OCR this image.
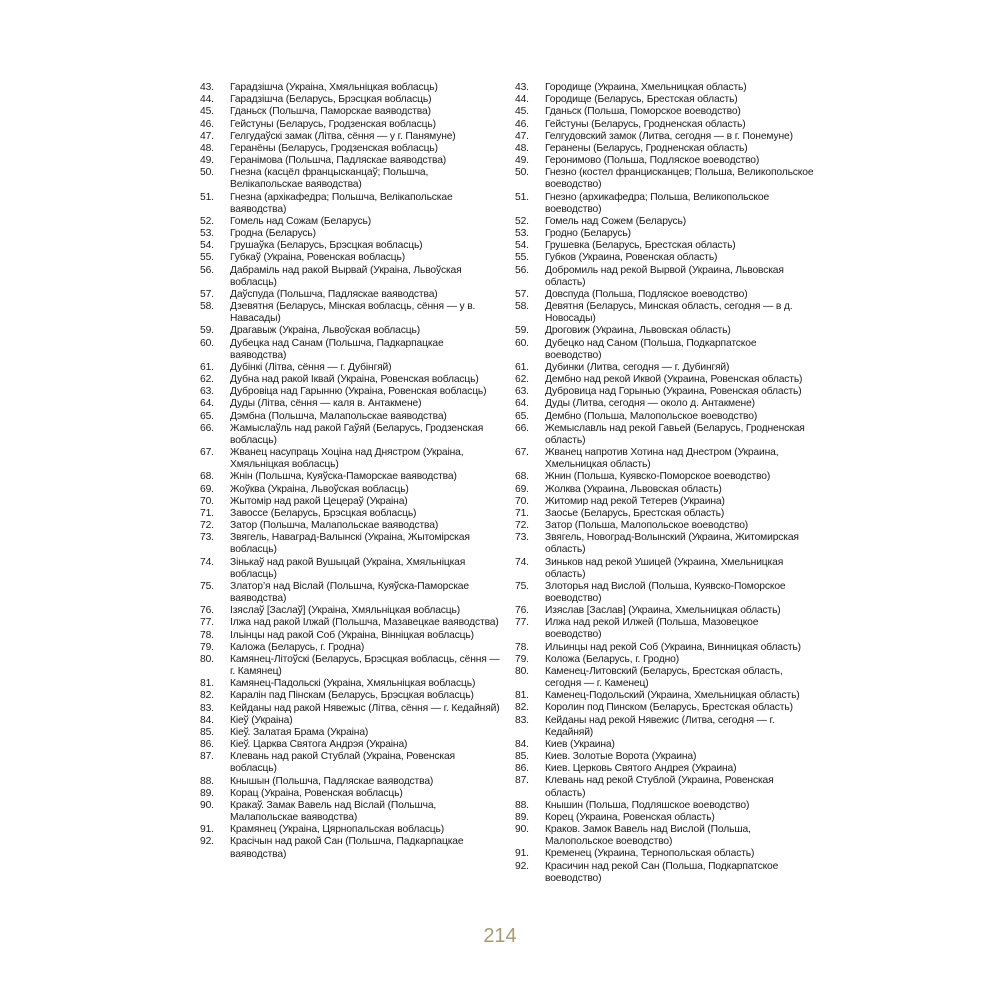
43.	Гарадзішча (Украіна, Хмяльніцкая вобласць)
44.	Гарадзішча (Беларусь, Брэсцкая вобласць)
45.	Гданьск (Польшча, Паморскае ваяводства)
46.	Гейстуны (Беларусь, Гродзенская вобласць)
47.	Гелгудаўскі замак (Літва, сёння — у г. Панямуне)
48.	Геранёны (Беларусь, Гродзенская вобласць)
49.	Геранімова (Польшча, Падляскае ваяводства)
50.	Гнезна (касцёл францысканцаў; Польшча, Велікапольскае ваяводства)
51.	Гнезна (архікафедра; Польшча, Велікапольскае ваяводства)
52.	Гомель над Сожам (Беларусь)
53.	Гродна (Беларусь)
54.	Грушаўка (Беларусь, Брэсцкая вобласць)
55.	Губкаў (Украіна, Ровенская вобласць)
56.	Дабраміль над ракой Вырвай (Украіна, Львоўская вобласць)
57.	Даўспуда (Польшча, Падляскае ваяводства)
58.	Дзевятня (Беларусь, Мінская вобласць, сёння — у в. Навасады)
59.	Драгавыж (Украіна, Львоўская вобласць)
60.	Дубецка над Санам (Польшча, Падкарпацкае ваяводства)
61.	Дубінкі (Літва, сёння — г. Дубінгяй)
62.	Дубна над ракой Іквай (Украіна, Ровенская вобласць)
63.	Дубровіца над Гарынню (Украіна, Ровенская вобласць)
64.	Дуды (Літва, сёння — каля в. Антакмене)
65.	Дэмбна (Польшча, Малапольскае ваяводства)
66.	Жамыслаўль над ракой Гаўяй (Беларусь, Гродзенская вобласць)
67.	Жванец насупраць Хоціна над Днястром (Украіна, Хмяльніцкая вобласць)
68.	Жнін (Польшча, Куяўска-Паморскае ваяводства)
69.	Жоўква (Украіна, Львоўская вобласць)
70.	Жытомір над ракой Цецераў (Украіна)
71.	Завоссе (Беларусь, Брэсцкая вобласць)
72.	Затор (Польшча, Малапольскае ваяводства)
73.	Звягель, Наваград-Валынскі (Украіна, Жытомірская вобласць)
74.	Зінькаў над ракой Вушыцай (Украіна, Хмяльніцкая вобласць)
75.	Златор’я над Віслай (Польшча, Куяўска-Паморскае ваяводства)
76.	Ізяслаў [Заслаў] (Украіна, Хмяльніцкая вобласць)
77.	Ілжа над ракой Ілжай (Польшча, Мазавецкае ваяводства)
78.	Ільінцы над ракой Соб (Украіна, Вінніцкая вобласць)
79.	Каложа (Беларусь, г. Гродна)
80.	Камянец-Літоўскі (Беларусь, Брэсцкая вобласць, сёння — г. Камянец)
81.	Камянец-Падольскі (Украіна, Хмяльніцкая вобласць)
82.	Каралін пад Пінскам (Беларусь, Брэсцкая вобласць)
83.	Кейданы над ракой Нявежыс (Літва, сёння — г. Кедайняй)
84.	Кіеў (Украіна)
85.	Кіеў. Залатая Брама (Украіна)
86.	Кіеў. Царква Святога Андрэя (Украіна)
87.	Клевань над ракой Стублай (Украіна, Ровенская вобласць)
88.	Кнышын (Польшча, Падляскае ваяводства)
89.	Корац (Украіна, Ровенская вобласць)
90.	Кракаў. Замак Вавель над Віслай (Польшча, Малапольскае ваяводства)
91.	Крамянец (Украіна, Цярнопальская вобласць)
92.	Красічын над ракой Сан (Польшча, Падкарпацкае ваяводства)
43.	Городище (Украина, Хмельницкая область)
44.	Городище (Беларусь, Брестская область)
45.	Гданьск (Польша, Поморское воеводство)
46.	Гейстуны (Беларусь, Гродненская область)
47.	Гелгудовский замок (Литва, сегодня — в г. Понемуне)
48.	Геранены (Беларусь, Гродненская область)
49.	Геронимово (Польша, Подляское воеводство)
50.	Гнезно (костел францисканцев; Польша, Великопольское воеводство)
51.	Гнезно (архикафедра; Польша, Великопольское воеводство)
52.	Гомель над Сожем (Беларусь)
53.	Гродно (Беларусь)
54.	Грушевка (Беларусь, Брестская область)
55.	Губков (Украина, Ровенская область)
56.	Добромиль над рекой Вырвой (Украина, Львовская область)
57.	Довспуда (Польша, Подляское воеводство)
58.	Девятня (Беларусь, Минская область, сегодня — в д. Новосады)
59.	Дроговиж (Украина, Львовская область)
60.	Дубецко над Саном (Польша, Подкарпатское воеводство)
61.	Дубинки (Литва, сегодня — г. Дубингяй)
62.	Дембно над рекой Иквой (Украина, Ровенская область)
63.	Дубровица над Горынью (Украина, Ровенская область)
64.	Дуды (Литва, сегодня — около д. Антакмене)
65.	Дембно (Польша, Малопольское воеводство)
66.	Жемыславль над рекой Гавьей (Беларусь, Гродненская область)
67.	Жванец напротив Хотина над Днестром (Украина, Хмельницкая область)
68.	Жнин (Польша, Куявско-Поморское воеводство)
69.	Жолква (Украина, Львовская область)
70.	Житомир над рекой Тетерев (Украина)
71.	Заосье (Беларусь, Брестская область)
72.	Затор (Польша, Малопольское воеводство)
73.	Звягель, Новоград-Волынский (Украина, Житомирская область)
74.	Зиньков над рекой Ушицей (Украина, Хмельницкая область)
75.	Злоторья над Вислой (Польша, Куявско-Поморское воеводство)
76.	Изяслав [Заслав] (Украина, Хмельницкая область)
77.	Илжа над рекой Илжей (Польша, Мазовецкое воеводство)
78.	Ильинцы над рекой Соб (Украина, Винницкая область)
79.	Коложа (Беларусь, г. Гродно)
80.	Каменец-Литовский (Беларусь, Брестская область, сегодня — г. Каменец)
81.	Каменец-Подольский (Украина, Хмельницкая область)
82.	Королин под Пинском (Беларусь, Брестская область)
83.	Кейданы над рекой Нявежис (Литва, сегодня — г. Кедайняй)
84.	Киев (Украина)
85.	Киев. Золотые Ворота (Украина)
86.	Киев. Церковь Святого Андрея (Украина)
87.	Клевань над рекой Стублой (Украина, Ровенская область)
88.	Кнышин (Польша, Подляшское воеводство)
89.	Корец (Украина, Ровенская область)
90.	Краков. Замок Вавель над Вислой (Польша, Малопольское воеводство)
91.	Кременец (Украина, Тернопольская область)
92.	Красичин над рекой Сан (Польша, Подкарпатское воеводство)
214
